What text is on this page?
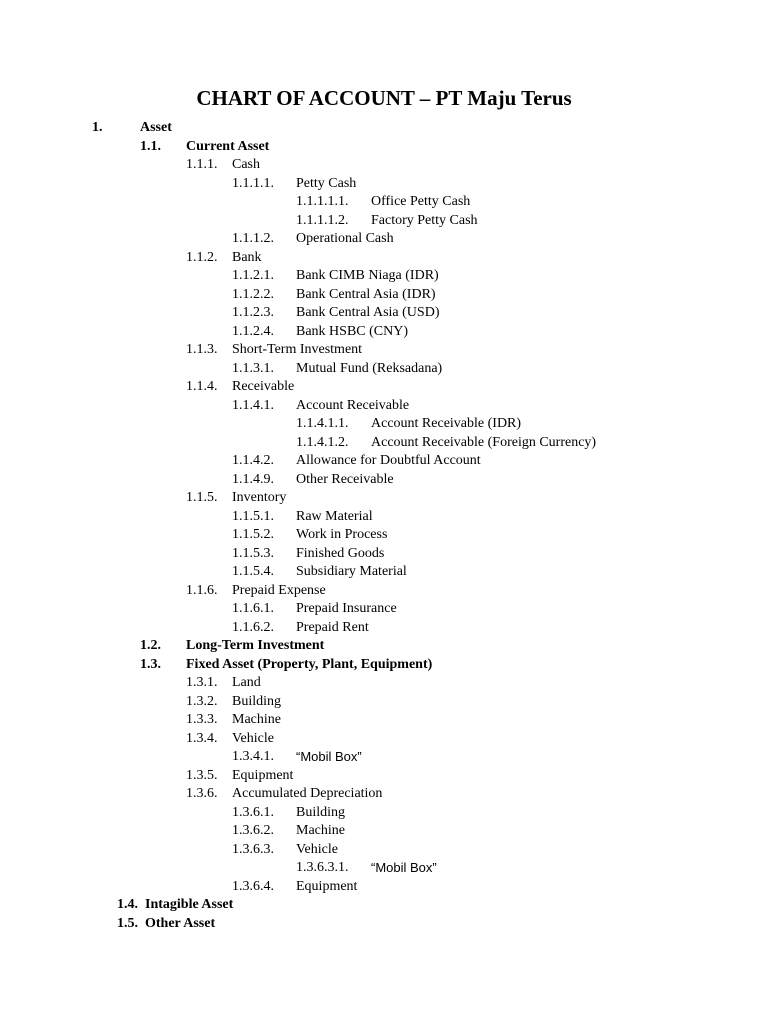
CHART OF ACCOUNT – PT Maju Terus
1.	Asset
1.1. Current Asset
1.1.1. Cash
1.1.1.1. Petty Cash
1.1.1.1.1. Office Petty Cash
1.1.1.1.2. Factory Petty Cash
1.1.1.2. Operational Cash
1.1.2. Bank
1.1.2.1. Bank CIMB Niaga (IDR)
1.1.2.2. Bank Central Asia (IDR)
1.1.2.3. Bank Central Asia (USD)
1.1.2.4. Bank HSBC (CNY)
1.1.3. Short-Term Investment
1.1.3.1. Mutual Fund (Reksadana)
1.1.4. Receivable
1.1.4.1. Account Receivable
1.1.4.1.1. Account Receivable (IDR)
1.1.4.1.2. Account Receivable (Foreign Currency)
1.1.4.2. Allowance for Doubtful Account
1.1.4.9. Other Receivable
1.1.5. Inventory
1.1.5.1. Raw Material
1.1.5.2. Work in Process
1.1.5.3. Finished Goods
1.1.5.4. Subsidiary Material
1.1.6. Prepaid Expense
1.1.6.1. Prepaid Insurance
1.1.6.2. Prepaid Rent
1.2. Long-Term Investment
1.3. Fixed Asset (Property, Plant, Equipment)
1.3.1. Land
1.3.2. Building
1.3.3. Machine
1.3.4. Vehicle
1.3.4.1. “Mobil Box”
1.3.5. Equipment
1.3.6. Accumulated Depreciation
1.3.6.1. Building
1.3.6.2. Machine
1.3.6.3. Vehicle
1.3.6.3.1. “Mobil Box”
1.3.6.4. Equipment
1.4. Intagible Asset
1.5. Other Asset
